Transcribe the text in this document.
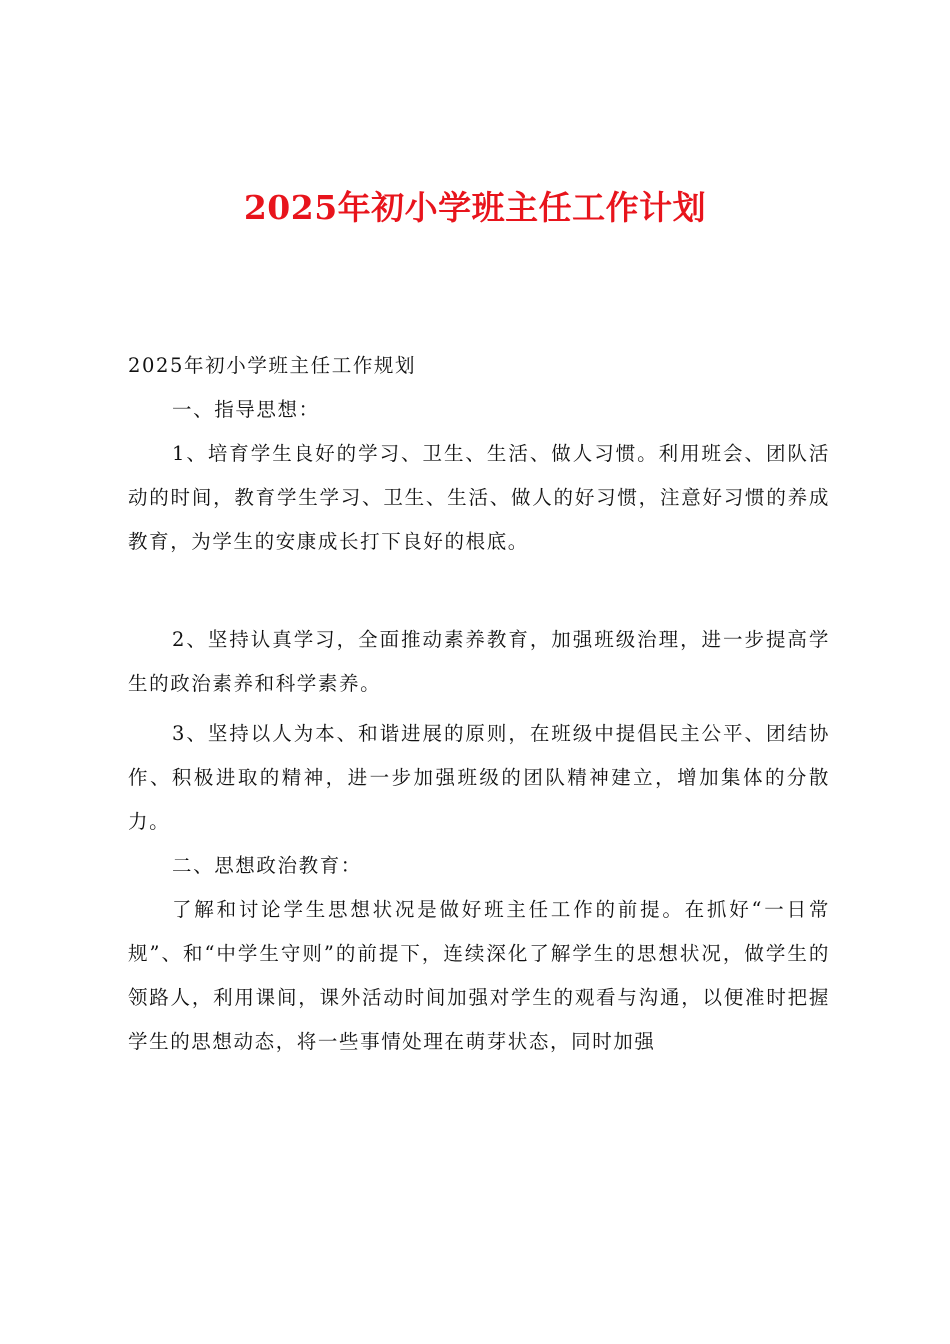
2025年初小学班主任工作计划

2025年初小学班主任工作规划

一、指导思想：

1、培育学生良好的学习、卫生、生活、做人习惯。利用班会、团队活动的时间，教育学生学习、卫生、生活、做人的好习惯，注意好习惯的养成教育，为学生的安康成长打下良好的根底。

2、坚持认真学习，全面推动素养教育，加强班级治理，进一步提高学生的政治素养和科学素养。

3、坚持以人为本、和谐进展的原则，在班级中提倡民主公平、团结协作、积极进取的精神，进一步加强班级的团队精神建立，增加集体的分散力。

二、思想政治教育：

了解和讨论学生思想状况是做好班主任工作的前提。在抓好“一日常规”、和“中学生守则”的前提下，连续深化了解学生的思想状况，做学生的领路人，利用课间，课外活动时间加强对学生的观看与沟通，以便准时把握学生的思想动态，将一些事情处理在萌芽状态，同时加强
